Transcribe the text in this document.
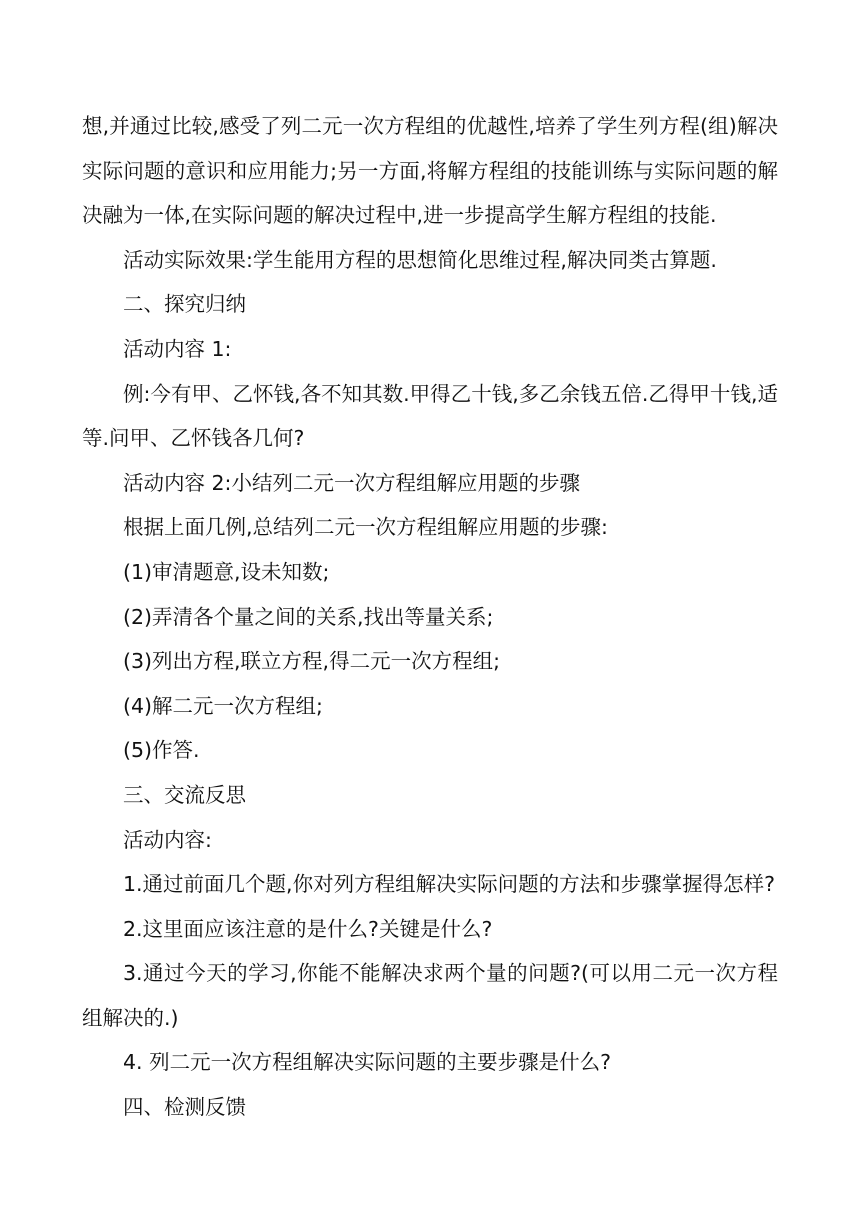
想,并通过比较,感受了列二元一次方程组的优越性,培养了学生列方程(组)解决实际问题的意识和应用能力;另一方面,将解方程组的技能训练与实际问题的解决融为一体,在实际问题的解决过程中,进一步提高学生解方程组的技能.

活动实际效果:学生能用方程的思想简化思维过程,解决同类古算题.

二、探究归纳

活动内容 1:

例:今有甲、乙怀钱,各不知其数.甲得乙十钱,多乙余钱五倍.乙得甲十钱,适等.问甲、乙怀钱各几何?

活动内容 2:小结列二元一次方程组解应用题的步骤

根据上面几例,总结列二元一次方程组解应用题的步骤:

(1)审清题意,设未知数;

(2)弄清各个量之间的关系,找出等量关系;

(3)列出方程,联立方程,得二元一次方程组;

(4)解二元一次方程组;

(5)作答.

三、交流反思

活动内容:

1.通过前面几个题,你对列方程组解决实际问题的方法和步骤掌握得怎样?

2.这里面应该注意的是什么?关键是什么?

3.通过今天的学习,你能不能解决求两个量的问题?(可以用二元一次方程组解决的.)

4. 列二元一次方程组解决实际问题的主要步骤是什么?

四、检测反馈
